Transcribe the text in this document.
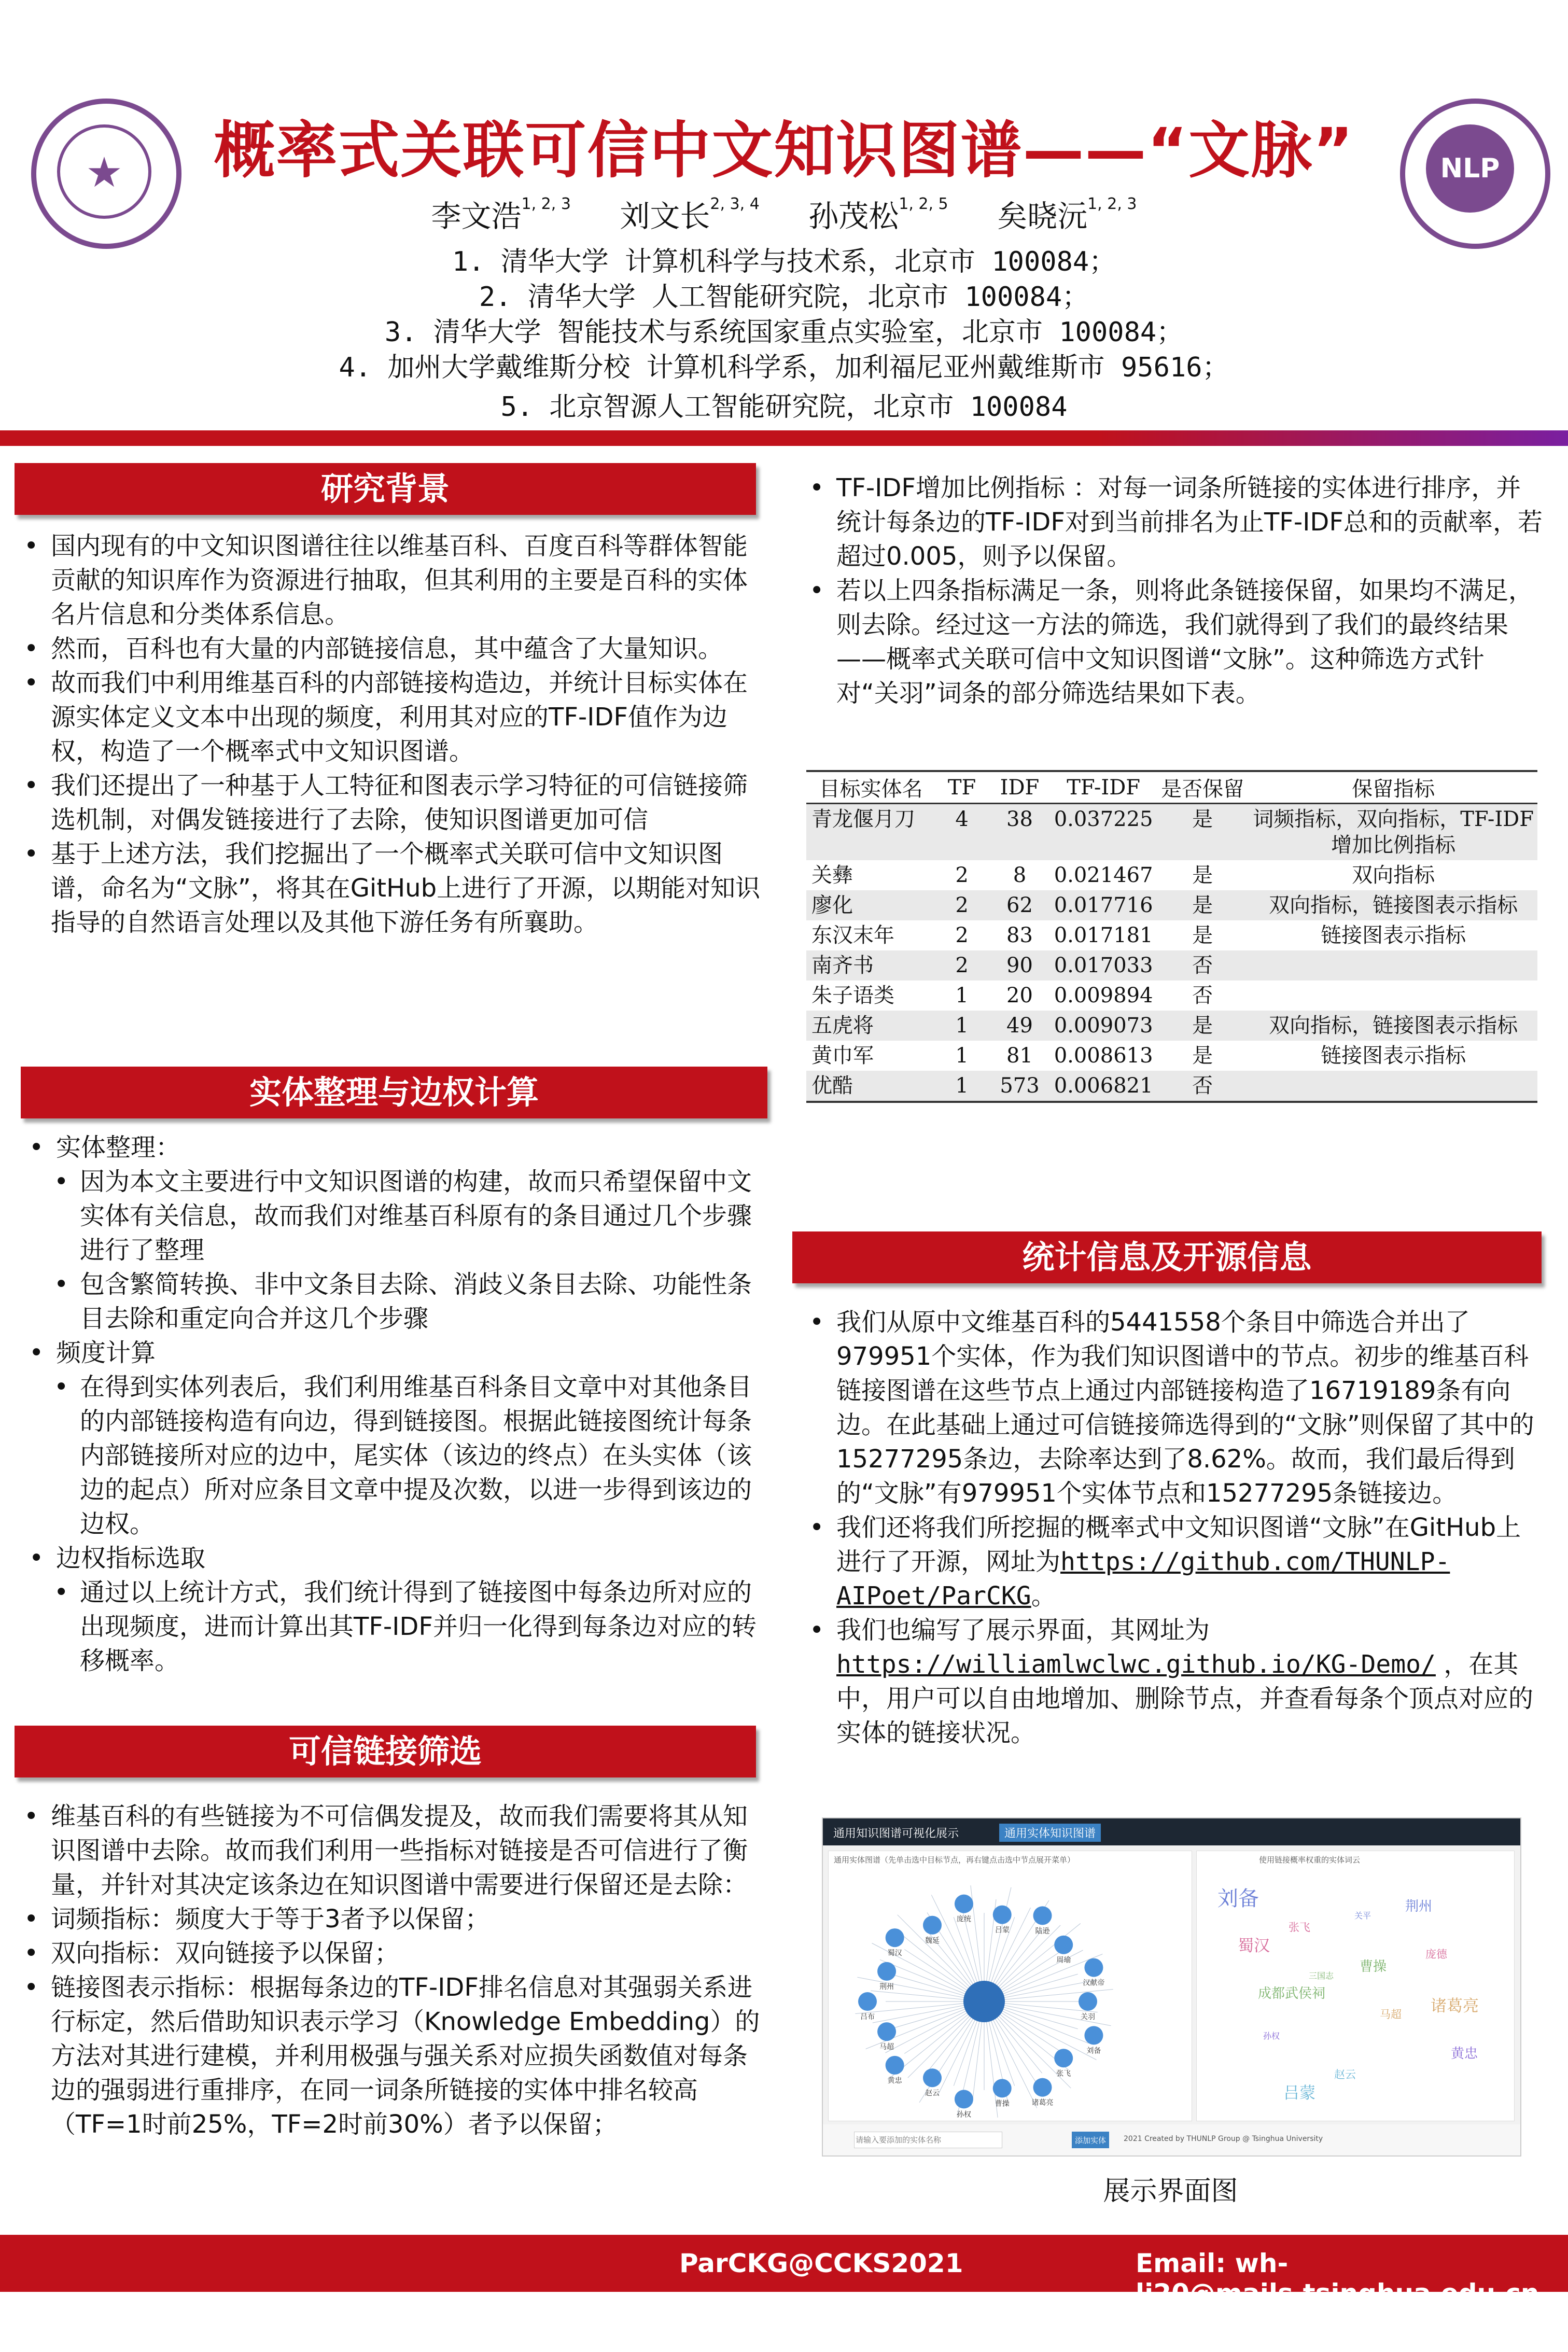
★	NLP
概率式关联可信中文知识图谱——“文脉”
李文浩$^{1, 2, 3}$ 刘文长$^{2, 3, 4}$ 孙茂松$^{1, 2, 5}$ 矣晓沅$^{1, 2, 3}$
1. 清华大学 计算机科学与技术系，北京市 100084；
2. 清华大学 人工智能研究院，北京市 100084；
3. 清华大学 智能技术与系统国家重点实验室，北京市 100084；
4. 加州大学戴维斯分校 计算机科学系，加利福尼亚州戴维斯市 95616；
5. 北京智源人工智能研究院，北京市 100084
研究背景
• 国内现有的中文知识图谱往往以维基百科、百度百科等群体智能贡献的知识库作为资源进行抽取，但其利用的主要是百科的实体名片信息和分类体系信息。
• 然而，百科也有大量的内部链接信息，其中蕴含了大量知识。
• 故而我们中利用维基百科的内部链接构造边，并统计目标实体在源实体定义文本中出现的频度，利用其对应的TF-IDF值作为边权，构造了一个概率式中文知识图谱。
• 我们还提出了一种基于人工特征和图表示学习特征的可信链接筛选机制，对偶发链接进行了去除，使知识图谱更加可信
• 基于上述方法，我们挖掘出了一个概率式关联可信中文知识图谱，命名为“文脉”，将其在GitHub上进行了开源，以期能对知识指导的自然语言处理以及其他下游任务有所襄助。
实体整理与边权计算
• 实体整理：
• 因为本文主要进行中文知识图谱的构建，故而只希望保留中文实体有关信息，故而我们对维基百科原有的条目通过几个步骤进行了整理
• 包含繁简转换、非中文条目去除、消歧义条目去除、功能性条目去除和重定向合并这几个步骤
• 频度计算
• 在得到实体列表后，我们利用维基百科条目文章中对其他条目的内部链接构造有向边，得到链接图。根据此链接图统计每条内部链接所对应的边中，尾实体（该边的终点）在头实体（该边的起点）所对应条目文章中提及次数，以进一步得到该边的边权。
• 边权指标选取
• 通过以上统计方式，我们统计得到了链接图中每条边所对应的出现频度，进而计算出其TF-IDF并归一化得到每条边对应的转移概率。
可信链接筛选
• 维基百科的有些链接为不可信偶发提及，故而我们需要将其从知识图谱中去除。故而我们利用一些指标对链接是否可信进行了衡量，并针对其决定该条边在知识图谱中需要进行保留还是去除：
• 词频指标：频度大于等于3者予以保留；
• 双向指标：双向链接予以保留；
• 链接图表示指标：根据每条边的TF-IDF排名信息对其强弱关系进行标定，然后借助知识表示学习（Knowledge Embedding）的方法对其进行建模，并利用极强与强关系对应损失函数值对每条边的强弱进行重排序，在同一词条所链接的实体中排名较高（TF=1时前25%，TF=2时前30%）者予以保留；
• TF-IDF增加比例指标 ：对每一词条所链接的实体进行排序，并统计每条边的TF-IDF对到当前排名为止TF-IDF总和的贡献率，若超过0.005，则予以保留。
• 若以上四条指标满足一条，则将此条链接保留，如果均不满足，则去除。经过这一方法的筛选，我们就得到了我们的最终结果——概率式关联可信中文知识图谱“文脉”。这种筛选方式针对“关羽”词条的部分筛选结果如下表。
目标实体名	TF	IDF	TF-IDF	是否保留	保留指标
青龙偃月刀	4	38	0.037225	是	词频指标，双向指标，TF-IDF增加比例指标
关彝	2	8	0.021467	是	双向指标
廖化	2	62	0.017716	是	双向指标，链接图表示指标
东汉末年	2	83	0.017181	是	链接图表示指标
南齐书	2	90	0.017033	否	
朱子语类	1	20	0.009894	否	
五虎将	1	49	0.009073	是	双向指标，链接图表示指标
黄巾军	1	81	0.008613	是	链接图表示指标
优酷	1	573	0.006821	否	
统计信息及开源信息
• 我们从原中文维基百科的5441558个条目中筛选合并出了979951个实体，作为我们知识图谱中的节点。初步的维基百科链接图谱在这些节点上通过内部链接构造了16719189条有向边。在此基础上通过可信链接筛选得到的“文脉”则保留了其中的15277295条边，去除率达到了8.62%。故而，我们最后得到的“文脉”有979951个实体节点和15277295条链接边。
• 我们还将我们所挖掘的概率式中文知识图谱“文脉”在GitHub上进行了开源，网址为https://github.com/THUNLP-AIPoet/ParCKG。
• 我们也编写了展示界面，其网址为https://williamlwclwc.github.io/KG-Demo/ ，在其中，用户可以自由地增加、删除节点，并查看每条个顶点对应的实体的链接状况。
通用知识图谱可视化展示	通用实体知识图谱
通用实体图谱（先单击选中目标节点，再右键点击选中节点展开菜单）
关羽
刘备
张飞
诸葛亮
曹操
孙权
赵云
黄忠
马超
吕布
荆州
蜀汉
魏延
庞统
吕蒙	陆逊
周瑜
汉献帝
使用链接概率权重的实体词云
刘备
张飞
曹操
诸葛亮
孙权
赵云
荆州
蜀汉
三国志
马超
黄忠
吕蒙
关平
庞德
成都武侯祠
请输入要添加的实体名称
添加实体	2021 Created by THUNLP Group @ Tsinghua University
展示界面图
ParCKG@CCKS2021	Email: wh-li20@mails.tsinghua.edu.cn
